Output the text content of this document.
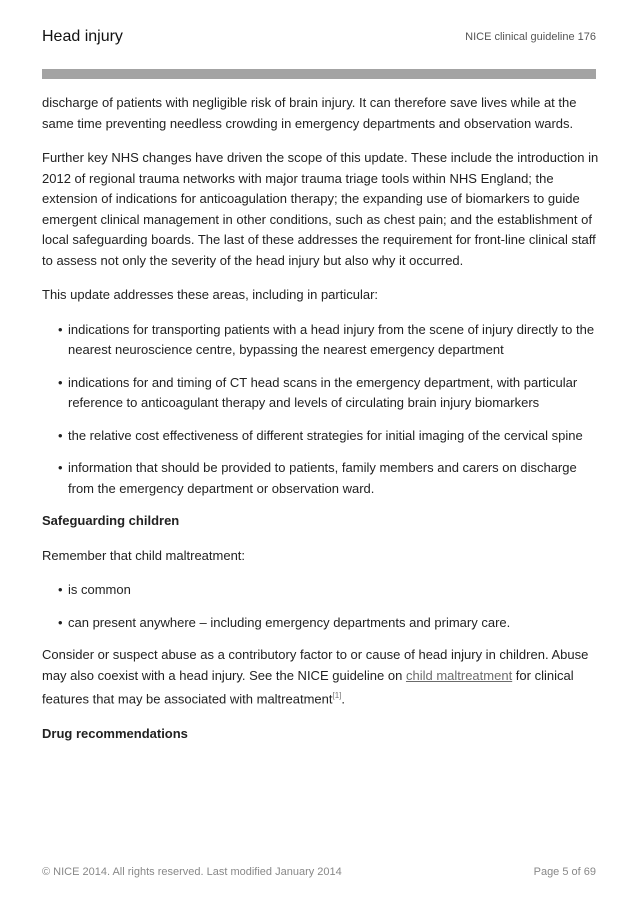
Head injury	NICE clinical guideline 176

discharge of patients with negligible risk of brain injury. It can therefore save lives while at the same time preventing needless crowding in emergency departments and observation wards.

Further key NHS changes have driven the scope of this update. These include the introduction in 2012 of regional trauma networks with major trauma triage tools within NHS England; the extension of indications for anticoagulation therapy; the expanding use of biomarkers to guide emergent clinical management in other conditions, such as chest pain; and the establishment of local safeguarding boards. The last of these addresses the requirement for front-line clinical staff to assess not only the severity of the head injury but also why it occurred.

This update addresses these areas, including in particular:

• indications for transporting patients with a head injury from the scene of injury directly to the nearest neuroscience centre, bypassing the nearest emergency department
• indications for and timing of CT head scans in the emergency department, with particular reference to anticoagulant therapy and levels of circulating brain injury biomarkers
• the relative cost effectiveness of different strategies for initial imaging of the cervical spine
• information that should be provided to patients, family members and carers on discharge from the emergency department or observation ward.
Safeguarding children

Remember that child maltreatment:

• is common
• can present anywhere – including emergency departments and primary care.

Consider or suspect abuse as a contributory factor to or cause of head injury in children. Abuse may also coexist with a head injury. See the NICE guideline on child maltreatment for clinical features that may be associated with maltreatment[1].

Drug recommendations
© NICE 2014. All rights reserved. Last modified January 2014	Page 5 of 69
